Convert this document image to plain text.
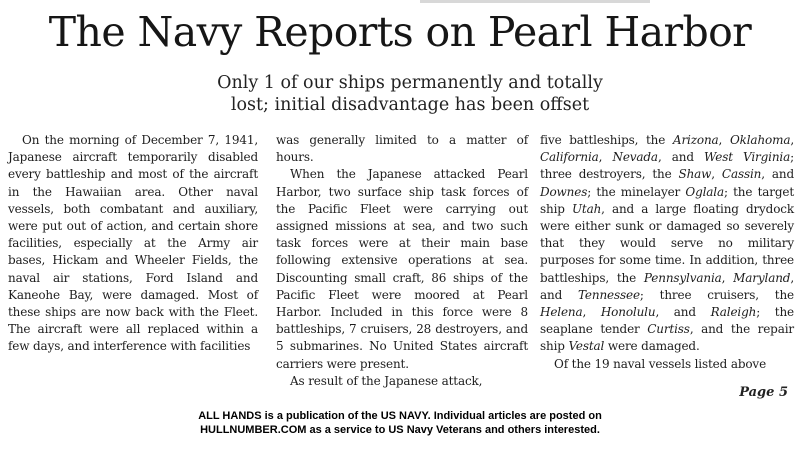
The Navy Reports on Pearl Harbor
Only 1 of our ships permanently and totally
lost; initial disadvantage has been offset

On the morning of December 7, 1941, Japanese aircraft temporarily disabled every battleship and most of the aircraft in the Hawaiian area. Other naval vessels, both combatant and auxiliary, were put out of action, and certain shore facilities, especially at the Army air bases, Hickam and Wheeler Fields, the naval air stations, Ford Island and Kaneohe Bay, were damaged. Most of these ships are now back with the Fleet. The aircraft were all replaced within a few days, and interference with facilities

was generally limited to a matter of hours.

When the Japanese attacked Pearl Harbor, two surface ship task forces of the Pacific Fleet were carrying out assigned missions at sea, and two such task forces were at their main base following extensive operations at sea. Discounting small craft, 86 ships of the Pacific Fleet were moored at Pearl Harbor. Included in this force were 8 battleships, 7 cruisers, 28 destroyers, and 5 submarines. No United States aircraft carriers were present.

As result of the Japanese attack,

five battleships, the Arizona, Oklahoma, California, Nevada, and West Virginia; three destroyers, the Shaw, Cassin, and Downes; the minelayer Oglala; the target ship Utah, and a large floating drydock were either sunk or damaged so severely that they would serve no military purposes for some time. In addition, three battleships, the Pennsylvania, Maryland, and Tennessee; three cruisers, the Helena, Honolulu, and Raleigh; the seaplane tender Curtiss, and the repair ship Vestal were damaged.

Of the 19 naval vessels listed above

Page 5
ALL HANDS is a publication of the US NAVY. Individual articles are posted on
HULLNUMBER.COM as a service to US Navy Veterans and others interested.
